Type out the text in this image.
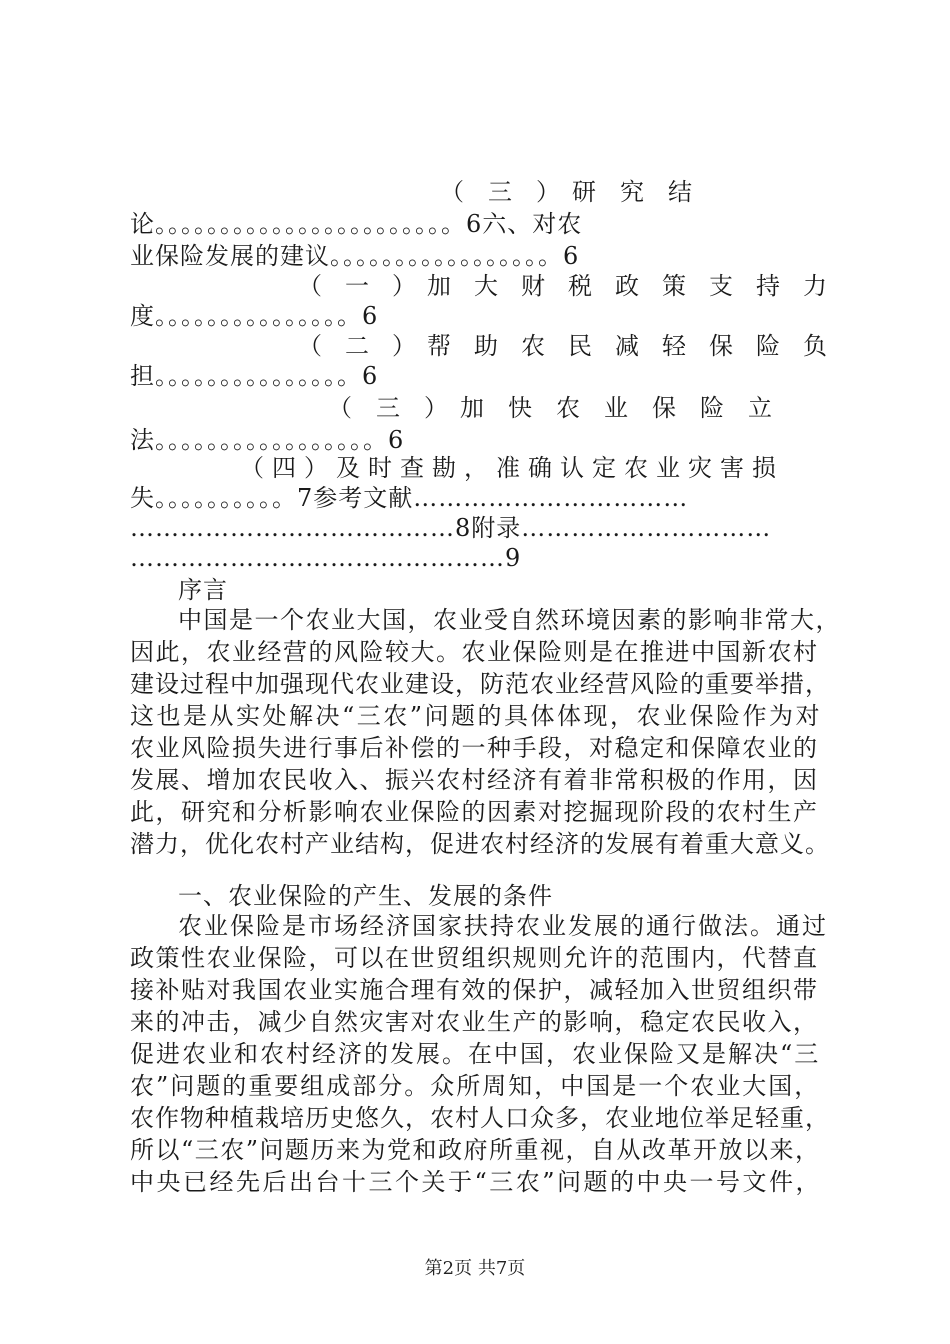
（　三　）　研　究　结
论。。。。。。。。。。。。。。。。。。。。。。。6六、对农
业保险发展的建议。。。。。。。。。。。。。。。。。6
（　一　）　加　大　财　税　政　策　支　持　力
度。。。。。。。。。。。。。。。6
（　二　）　帮　助　农　民　减　轻　保　险　负
担。。。。。。。。。。。。。。。6
（　三　）　加　快　农　业　保　险　立
法。。。。。。。。。。。。。。。。。6
（四）及时查勘，准确认定农业灾害损
失。。。。。。。。。。7参考文献……………………………
…………………………………8附录…………………………
………………………………………9
序言
中国是一个农业大国，农业受自然环境因素的影响非常大，
因此，农业经营的风险较大。农业保险则是在推进中国新农村
建设过程中加强现代农业建设，防范农业经营风险的重要举措，
这也是从实处解决“三农”问题的具体体现，农业保险作为对
农业风险损失进行事后补偿的一种手段，对稳定和保障农业的
发展、增加农民收入、振兴农村经济有着非常积极的作用，因
此，研究和分析影响农业保险的因素对挖掘现阶段的农村生产
潜力，优化农村产业结构，促进农村经济的发展有着重大意义。
一、农业保险的产生、发展的条件
农业保险是市场经济国家扶持农业发展的通行做法。通过
政策性农业保险，可以在世贸组织规则允许的范围内，代替直
接补贴对我国农业实施合理有效的保护，减轻加入世贸组织带
来的冲击，减少自然灾害对农业生产的影响，稳定农民收入，
促进农业和农村经济的发展。在中国，农业保险又是解决“三
农”问题的重要组成部分。众所周知，中国是一个农业大国，
农作物种植栽培历史悠久，农村人口众多，农业地位举足轻重，
所以“三农”问题历来为党和政府所重视，自从改革开放以来，
中央已经先后出台十三个关于“三农”问题的中央一号文件，
第2页 共7页
